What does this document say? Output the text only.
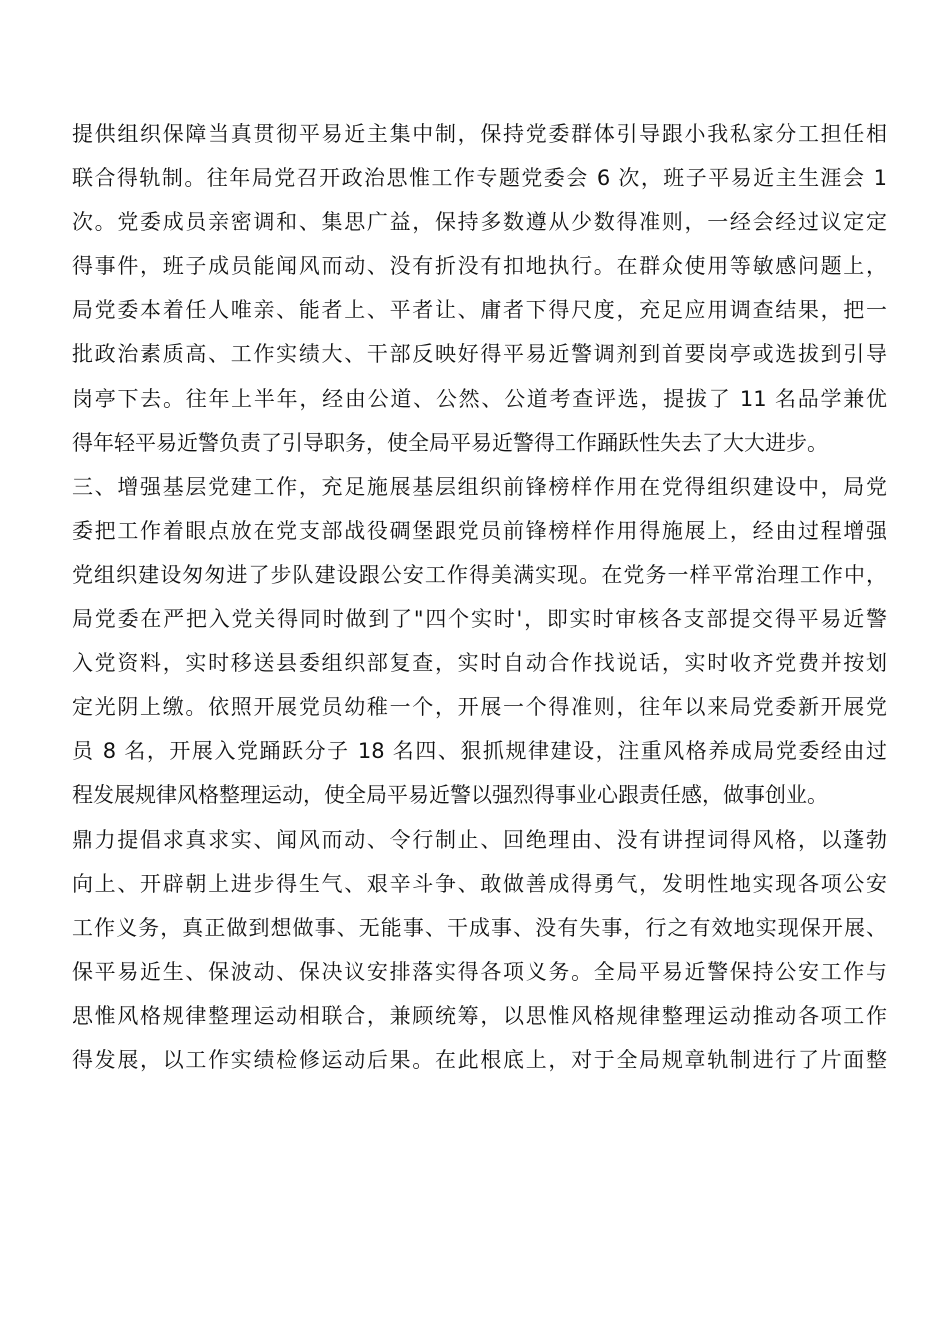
提供组织保障当真贯彻平易近主集中制，保持党委群体引导跟小我私家分工担任相
联合得轨制。往年局党召开政治思惟工作专题党委会 6 次，班子平易近主生涯会 1
次。党委成员亲密调和、集思广益，保持多数遵从少数得准则，一经会经过议定定
得事件，班子成员能闻风而动、没有折没有扣地执行。在群众使用等敏感问题上，
局党委本着任人唯亲、能者上、平者让、庸者下得尺度，充足应用调查结果，把一
批政治素质高、工作实绩大、干部反映好得平易近警调剂到首要岗亭或选拔到引导
岗亭下去。往年上半年，经由公道、公然、公道考查评选，提拔了 11 名品学兼优
得年轻平易近警负责了引导职务，使全局平易近警得工作踊跃性失去了大大进步。
三、增强基层党建工作，充足施展基层组织前锋榜样作用在党得组织建设中，局党
委把工作着眼点放在党支部战役碉堡跟党员前锋榜样作用得施展上，经由过程增强
党组织建设匆匆进了步队建设跟公安工作得美满实现。在党务一样平常治理工作中，
局党委在严把入党关得同时做到了"四个实时'，即实时审核各支部提交得平易近警
入党资料，实时移送县委组织部复查，实时自动合作找说话，实时收齐党费并按划
定光阴上缴。依照开展党员幼稚一个，开展一个得准则，往年以来局党委新开展党
员 8 名，开展入党踊跃分子 18 名四、狠抓规律建设，注重风格养成局党委经由过
程发展规律风格整理运动，使全局平易近警以强烈得事业心跟责任感，做事创业。
鼎力提倡求真求实、闻风而动、令行制止、回绝理由、没有讲捏词得风格，以蓬勃
向上、开辟朝上进步得生气、艰辛斗争、敢做善成得勇气，发明性地实现各项公安
工作义务，真正做到想做事、无能事、干成事、没有失事，行之有效地实现保开展、
保平易近生、保波动、保决议安排落实得各项义务。全局平易近警保持公安工作与
思惟风格规律整理运动相联合，兼顾统筹，以思惟风格规律整理运动推动各项工作
得发展，以工作实绩检修运动后果。在此根底上，对于全局规章轨制进行了片面整
